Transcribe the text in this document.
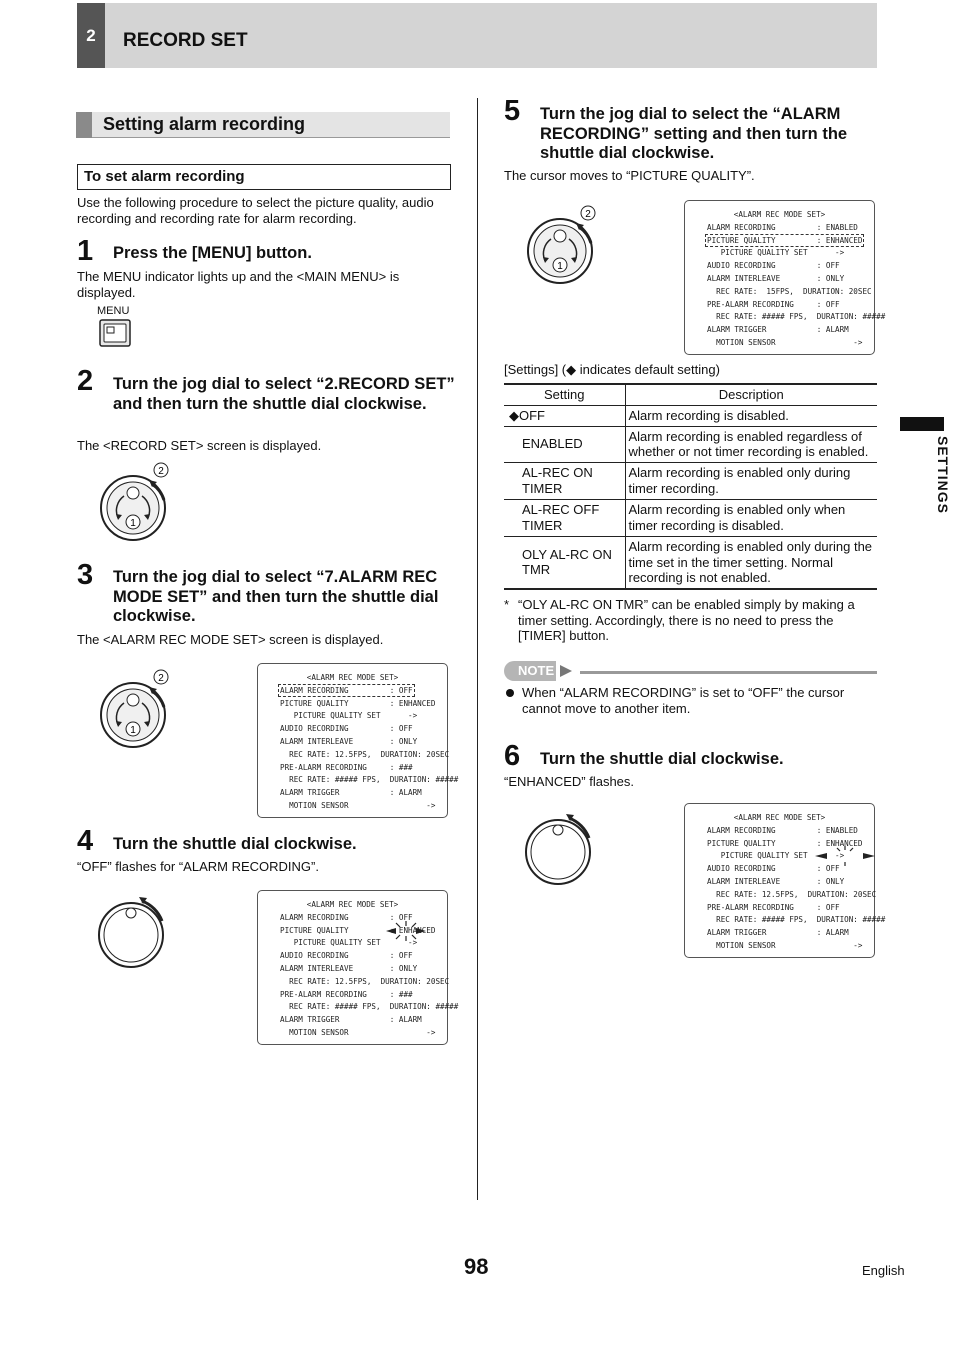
2	RECORD SET
Setting alarm recording
To set alarm recording
Use the following procedure to select the picture quality, audio recording and recording rate for alarm recording.
1 Press the [MENU] button.
The MENU indicator lights up and the <MAIN MENU> is displayed.
MENU
2 Turn the jog dial to select “2.RECORD SET” and then turn the shuttle dial clockwise.
The <RECORD SET> screen is displayed.
2
1
3 Turn the jog dial to select “7.ALARM REC MODE SET” and then turn the shuttle dial clockwise.
The <ALARM REC MODE SET> screen is displayed.
2
1
<ALARM REC MODE SET>
ALARM RECORDING         : OFF
PICTURE QUALITY         : ENHANCED
PICTURE QUALITY SET      ->
AUDIO RECORDING         : OFF
ALARM INTERLEAVE        : ONLY
REC RATE: 12.5FPS,  DURATION: 20SEC
PRE-ALARM RECORDING     : ###
REC RATE: ##### FPS,  DURATION: #####
ALARM TRIGGER           : ALARM
MOTION SENSOR                 ->
4 Turn the shuttle dial clockwise.
“OFF” flashes for “ALARM RECORDING”.
<ALARM REC MODE SET>
ALARM RECORDING         : OFF

PICTURE QUALITY         : ENHANCED
PICTURE QUALITY SET      ->
AUDIO RECORDING         : OFF
ALARM INTERLEAVE        : ONLY
REC RATE: 12.5FPS,  DURATION: 20SEC
PRE-ALARM RECORDING     : ###
REC RATE: ##### FPS,  DURATION: #####
ALARM TRIGGER           : ALARM
MOTION SENSOR                 ->
5 Turn the jog dial to select the “ALARM RECORDING” setting and then turn the shuttle dial clockwise.
The cursor moves to “PICTURE QUALITY”.
2
1
<ALARM REC MODE SET>
ALARM RECORDING         : ENABLED
PICTURE QUALITY         : ENHANCED
PICTURE QUALITY SET      ->
AUDIO RECORDING         : OFF
ALARM INTERLEAVE        : ONLY
REC RATE:  15FPS,  DURATION: 20SEC
PRE-ALARM RECORDING     : OFF
REC RATE: ##### FPS,  DURATION: #####
ALARM TRIGGER           : ALARM
MOTION SENSOR                 ->
[Settings] (◆ indicates default setting)
Setting	Description
◆OFF	Alarm recording is disabled.
ENABLED	Alarm recording is enabled regardless of whether or not timer recording is enabled.
AL-REC ON TIMER	Alarm recording is enabled only during timer recording.
AL-REC OFF TIMER	Alarm recording is enabled only when timer recording is disabled.
OLY AL-RC ON TMR	Alarm recording is enabled only during the time set in the timer setting. Normal recording is not enabled.
* “OLY AL-RC ON TMR” can be enabled simply by making a timer setting. Accordingly, there is no need to press the [TIMER] button.
NOTE
When “ALARM RECORDING” is set to “OFF” the cursor cannot move to another item.
6 Turn the shuttle dial clockwise.
“ENHANCED” flashes.
<ALARM REC MODE SET>
ALARM RECORDING         : ENABLED
PICTURE QUALITY         : ENHANCED

PICTURE QUALITY SET      ->
AUDIO RECORDING         : OFF
ALARM INTERLEAVE        : ONLY
REC RATE: 12.5FPS,  DURATION: 20SEC
PRE-ALARM RECORDING     : OFF
REC RATE: ##### FPS,  DURATION: #####
ALARM TRIGGER           : ALARM
MOTION SENSOR                 ->
SETTINGS
98	English
